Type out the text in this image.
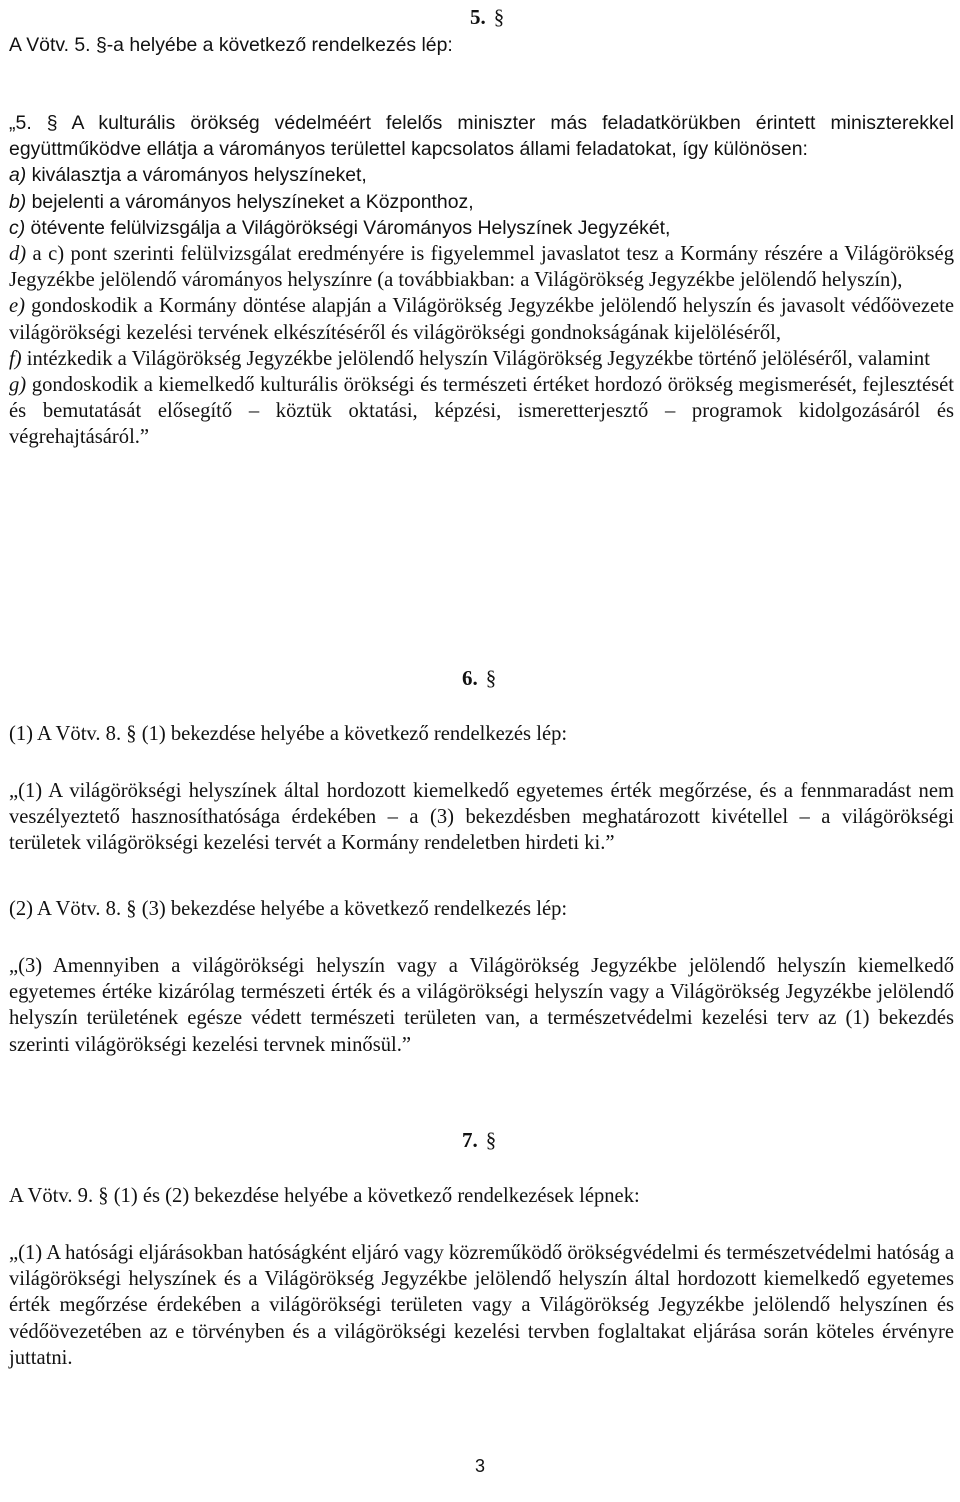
5. §
A Vötv. 5. §-a helyébe a következő rendelkezés lép:

„5. § A kulturális örökség védelméért felelős miniszter más feladatkörükben érintett miniszterekkel együttműködve ellátja a várományos területtel kapcsolatos állami feladatokat, így különösen:

a) kiválasztja a várományos helyszíneket,

b) bejelenti a várományos helyszíneket a Központhoz,

c) ötévente felülvizsgálja a Világörökségi Várományos Helyszínek Jegyzékét,

d) a c) pont szerinti felülvizsgálat eredményére is figyelemmel javaslatot tesz a Kormány részére a Világörökség Jegyzékbe jelölendő várományos helyszínre (a továbbiakban: a Világörökség Jegyzékbe jelölendő helyszín),

e) gondoskodik a Kormány döntése alapján a Világörökség Jegyzékbe jelölendő helyszín és javasolt védőövezete világörökségi kezelési tervének elkészítéséről és világörökségi gondnokságának kijelöléséről,

f) intézkedik a Világörökség Jegyzékbe jelölendő helyszín Világörökség Jegyzékbe történő jelöléséről, valamint

g) gondoskodik a kiemelkedő kulturális örökségi és természeti értéket hordozó örökség megismerését, fejlesztését és bemutatását elősegítő – köztük oktatási, képzési, ismeretterjesztő – programok kidolgozásáról és végrehajtásáról.”

6. §
(1) A Vötv. 8. § (1) bekezdése helyébe a következő rendelkezés lép:
„(1) A világörökségi helyszínek által hordozott kiemelkedő egyetemes érték megőrzése, és a fennmaradást nem veszélyeztető hasznosíthatósága érdekében – a (3) bekezdésben meghatározott kivétellel – a világörökségi területek világörökségi kezelési tervét a Kormány rendeletben hirdeti ki.”
(2) A Vötv. 8. § (3) bekezdése helyébe a következő rendelkezés lép:
„(3) Amennyiben a világörökségi helyszín vagy a Világörökség Jegyzékbe jelölendő helyszín kiemelkedő egyetemes értéke kizárólag természeti érték és a világörökségi helyszín vagy a Világörökség Jegyzékbe jelölendő helyszín területének egésze védett természeti területen van, a természetvédelmi kezelési terv az (1) bekezdés szerinti világörökségi kezelési tervnek minősül.”
7. §
A Vötv. 9. § (1) és (2) bekezdése helyébe a következő rendelkezések lépnek:
„(1) A hatósági eljárásokban hatóságként eljáró vagy közreműködő örökségvédelmi és természetvédelmi hatóság a világörökségi helyszínek és a Világörökség Jegyzékbe jelölendő helyszín által hordozott kiemelkedő egyetemes érték megőrzése érdekében a világörökségi területen vagy a Világörökség Jegyzékbe jelölendő helyszínen és védőövezetében az e törvényben és a világörökségi kezelési tervben foglaltakat eljárása során köteles érvényre juttatni.
3
